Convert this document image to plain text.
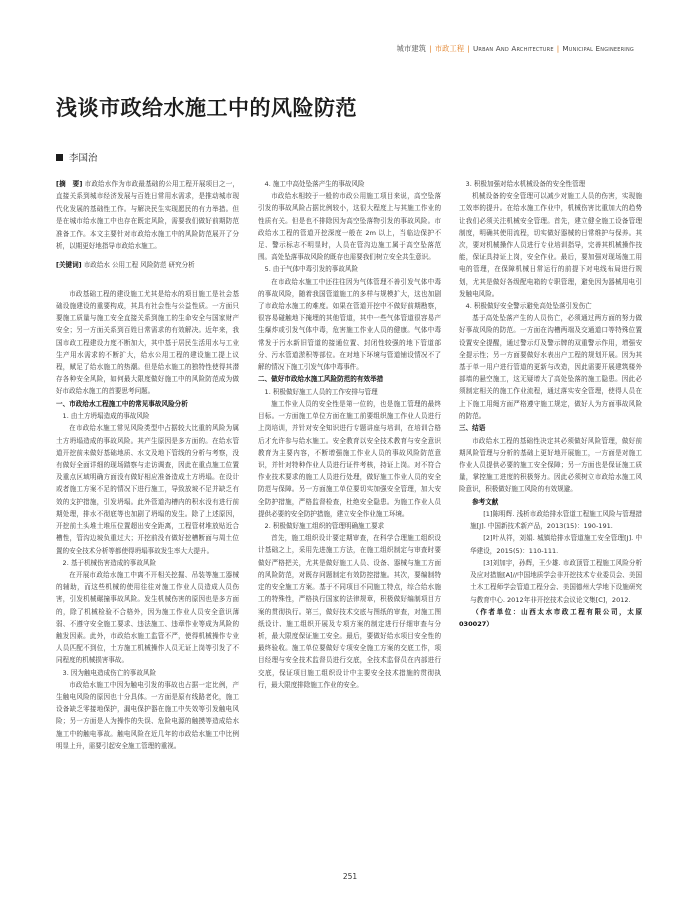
城市建筑 | 市政工程 | Urban And Architecture | Municipal Engineering
浅谈市政给水施工中的风险防范
李国治

[摘　要] 市政给水作为市政最基础的公用工程开展项目之一，直接关系到城市经济发展与百姓日常用水需求，是推动城市现代化发展的基础性工作。与解决民生实现愿民的有力举措。但是在城市给水施工中也存在既定风险，需要我们做好前期防范准备工作。本文主要针对市政给水施工中的风险防范展开了分析，以期更好地指导市政给水施工。

[关键词] 市政给水 公用工程 风险防范 研究分析

市政基础工程的建设施工尤其是给水的项目施工是社会基础设施建设的重要构成，其具有社会性与公益性质。一方面只要施工质量与施工安全直接关系到施工的生命安全与国家财产安全；另一方面关系到百姓日常需求的有效解决。近年来，我国市政工程建设力度不断加大，其中基于居民生活用水与工业生产用水需求的不断扩大，给水公用工程的建设施工提上议程，赋足了给水施工的热潮。但是给水施工的独特性使得其潜存各种安全风险，如何最大限度做好施工中的风险防范成为做好市政给水施工的首要思考问题。

一、市政给水工程施工中的常见事故风险分析
1. 由土方坍塌造成的事故风险

在市政给水施工常见风险类型中占据较大比重的风险为属土方坍塌造成的事故风险。其产生原因是多方面的。在给水管道开挖前未做好基础地质、水文及地下管线的分析与考察，没有做好全面详细的现场踏察与走访调查，因此在重点施工位置及重点区域明确方面没有做好相应准备造成土方坍塌。在设计或者施工方案不足的情况下进行施工，导致放坡不足并缺乏有效的支护措施，引发坍塌。此外管道沟槽内的积水没有进行前期处理，排水不彻底等也加剧了坍塌的发生。除了上述原因，开挖前土头堆土堆压位置超出安全距离，工程管材堆放贴近合槽性，管沟边坡负重过大；开挖前没有做好挖槽断面与周土位置的安全技术分析等都使得坍塌事故发生率大大提升。

2. 基于机械伤害造成的事故风险

在开展市政给水施工中离不开相关挖掘、吊装等施工器械的辅助，而这些机械的使用往往对施工作业人员造成人员伤害，引发机械碾撞事故风险。发生机械伤害的原因也是多方面的，除了机械检验不合格外，因为施工作业人员安全意识薄弱、不遵守安全施工要求、违法施工、违章作业等成为风险的触发因素。此外，市政给水施工监管不严，使得机械操作专业人员匹配不到位，土方施工机械操作人员无证上岗等引发了不同程度的机械损害事故。

3. 因为触电造成伤亡的事故风险

市政给水施工中因为触电引发的事故也占据一定比例，产生触电风险的原因也十分具体。一方面是原有线路老化，施工设备缺乏零接地保护，漏电保护器在施工中失效等引发触电风险；另一方面是人为操作的失误、危险电源的触摸等造成给水施工中的触电事故。触电风险在近几年的市政给水施工中比例明显上升，需要引起安全施工管理的重视。

4. 施工中高处坠落产生的事故风险

市政给水相较于一般的市政公用施工项目来说，高空坠落引发的事故风险占据比例较小，这很大程度上与其施工作业的性质有关。但是也不排除因为高空坠落物引发的事故风险。市政给水工程的管道开挖深度一般在 2m 以上，当临边保护不足、警示标志不明显时，人员在管沟边施工属于高空坠落范围。高处坠落事故风险的既存也需要我们树立安全共生意识。

5. 由于气体中毒引发的事故风险

在市政给水施工中还往往因为气体管理不善引发气体中毒的事故风险，随着我国管道施工的多样与规模扩大，这也加剧了市政给水施工的难度。如果在管道开挖中不做好前期勘察，很容易碰触地下掩埋的其他管道，其中一些气体管道很容易产生爆炸或引发气体中毒，危害施工作业人员的健康。气体中毒常发于污水新旧管道的接通位置、封闭性较强的地下管道部分、污水管道淤积等部位。在对地下环境与管道铺设情况不了解的情况下施工引发气体中毒事件。

二、做好市政给水施工风险防范的有效举措
1. 积极做好施工人员的工作安排与管理

施工作业人员的安全性是第一位的，也是施工管理的最终目标。一方面施工单位方面在施工前要组织施工作业人员进行上岗培训，并针对安全知识进行专题讲座与培训，在培训合格后才允许参与给水施工。安全教育以安全技术教育与安全意识教育为主要内容，不断增强施工作业人员的事故风险防范意识，并针对特种作业人员进行证件考核，持证上岗。对不符合作业技术要求的施工人员进行处理，做好施工作业人员的安全防范与保障。另一方面施工单位要切实加强安全管理，加大安全防护措施，严格监督检查，杜绝安全隐患。为施工作业人员提供必要的安全防护措施，建立安全作业施工环境。

2. 积极做好施工组织的管理明确施工要求

首先，施工组织设计要定期审查，在科学合理施工组织设计基础之上，采用先进施工方法，在施工组织制定与审查时要做好严格把关，尤其是做好施工人员、设备、器械与施工方面的风险防范，对既存问题制定有效防控措施。其次，要编制特定的安全施工方案。基于不同项目不同施工特点，综合给水施工的特殊性，严格执行国家的法律规章，积极做好编制项目方案的贯彻执行。第三，做好技术交底与图纸的审查，对施工图纸设计、施工组织开展及专项方案的制定进行仔细审查与分析，最大限度保证施工安全。最后，要做好给水项目安全性的最终验收。施工单位要做好专项安全施工方案的交底工作，项目经理与安全技术监督员进行交底，全技术监督员在内部进行交底，保证项目施工组织设计中主要安全技术措施的贯彻执行，最大限度排除施工作业的安全。

3. 积极加强对给水机械设备的安全性管理

机械设备的安全管理可以减少对施工人员的伤害，实现施工效率的提升。在给水施工作业中，机械伤害比重加大的趋势让我们必须关注机械安全管理。首先，建立健全施工设备管理制度，明确其使用流程，切实做好器械的日常维护与保养。其次，要对机械操作人员进行专业培训指导，完善其机械操作技能，保证具持证上岗，安全作业。最后，要加强对现场施工用电的管理，在保障机械日常运行的前提下对电线布局进行规划，尤其是做好各级配电箱的专职管理，避免因为器械用电引发触电风险。

4. 积极做好安全警示避免高处坠落引发伤亡

基于高处坠落产生的人员伤亡，必须通过两方面的努力做好事故风险的防范。一方面在沟槽两端及交通道口等特殊位置设置安全提醒，通过警示灯及警示牌的双重警示作用，增强安全提示性；另一方面要做好水表出户工程的规划开展。因为其基于单一用户进行管道的更新与改造，因此需要开展建筑楼外部墙的悬空施工，这无疑增大了高处坠落的施工隐患。因此必须制定相关的施工作业流程，通过落实安全管理，使得人员在上下施工用绳方面严格遵守施工规定，做好人为方面事故风险的防范。

三、结语

市政给水工程的基础性决定其必须做好风险管理，做好前期风险管理与分析的基础上更好地开展施工，一方面是对施工作业人员提供必要的施工安全保障；另一方面也是保证施工质量，掌控施工进度的积极努力。因此必须树立市政给水施工风险意识，积极做好施工风险的有效规避。

参考文献

[1]陈明辉. 浅析市政给排水管道工程施工风险与管理措施[J]. 中国新技术新产品，2013(15)：190-191.

[2]叶从祥，刘娟. 城镇给排水管道施工安全管理[J]. 中华建设，2015(5)：110-111.

[3]刘加宇，孙辉，王少雄. 市政顶管工程施工风险分析及应对措施[A]//中国地质学会非开挖技术专业委员会、美国土木工程师学会管道工程分会、美国德州大学地下设施研究与教育中心. 2012年非开挖技术会议论文集[C]，2012.

（作者单位：山西太水市政工程有限公司，太原 030027）

251
